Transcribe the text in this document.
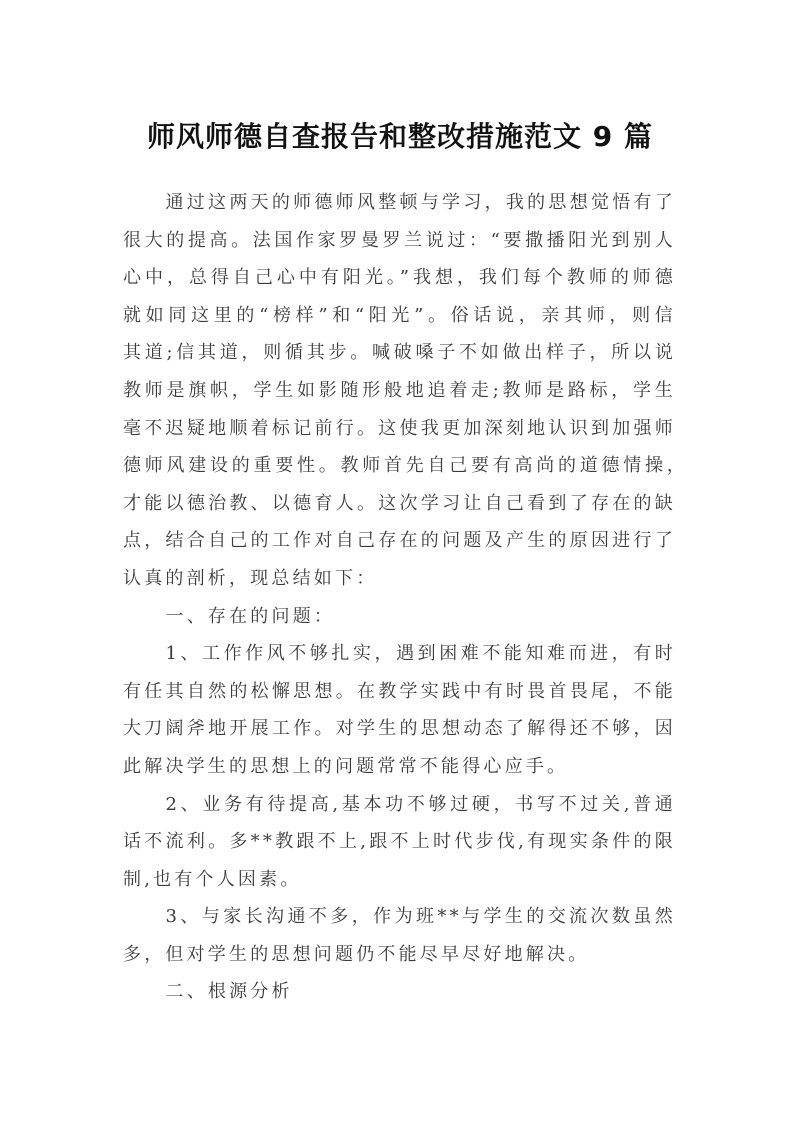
师风师德自查报告和整改措施范文 9 篇
通过这两天的师德师风整顿与学习，我的思想觉悟有了
很大的提高。法国作家罗曼罗兰说过：“要撒播阳光到别人
心中，总得自己心中有阳光。”我想，我们每个教师的师德
就如同这里的“榜样”和“阳光”。俗话说，亲其师，则信
其道;信其道，则循其步。喊破嗓子不如做出样子，所以说
教师是旗帜，学生如影随形般地追着走;教师是路标，学生
毫不迟疑地顺着标记前行。这使我更加深刻地认识到加强师
德师风建设的重要性。教师首先自己要有高尚的道德情操，
才能以德治教、以德育人。这次学习让自己看到了存在的缺
点，结合自己的工作对自己存在的问题及产生的原因进行了
认真的剖析，现总结如下：
一、存在的问题：
1、工作作风不够扎实，遇到困难不能知难而进，有时
有任其自然的松懈思想。在教学实践中有时畏首畏尾，不能
大刀阔斧地开展工作。对学生的思想动态了解得还不够，因
此解决学生的思想上的问题常常不能得心应手。
2、业务有待提高,基本功不够过硬，书写不过关,普通
话不流利。多**教跟不上,跟不上时代步伐,有现实条件的限
制,也有个人因素。
3、与家长沟通不多，作为班**与学生的交流次数虽然
多，但对学生的思想问题仍不能尽早尽好地解决。
二、根源分析
